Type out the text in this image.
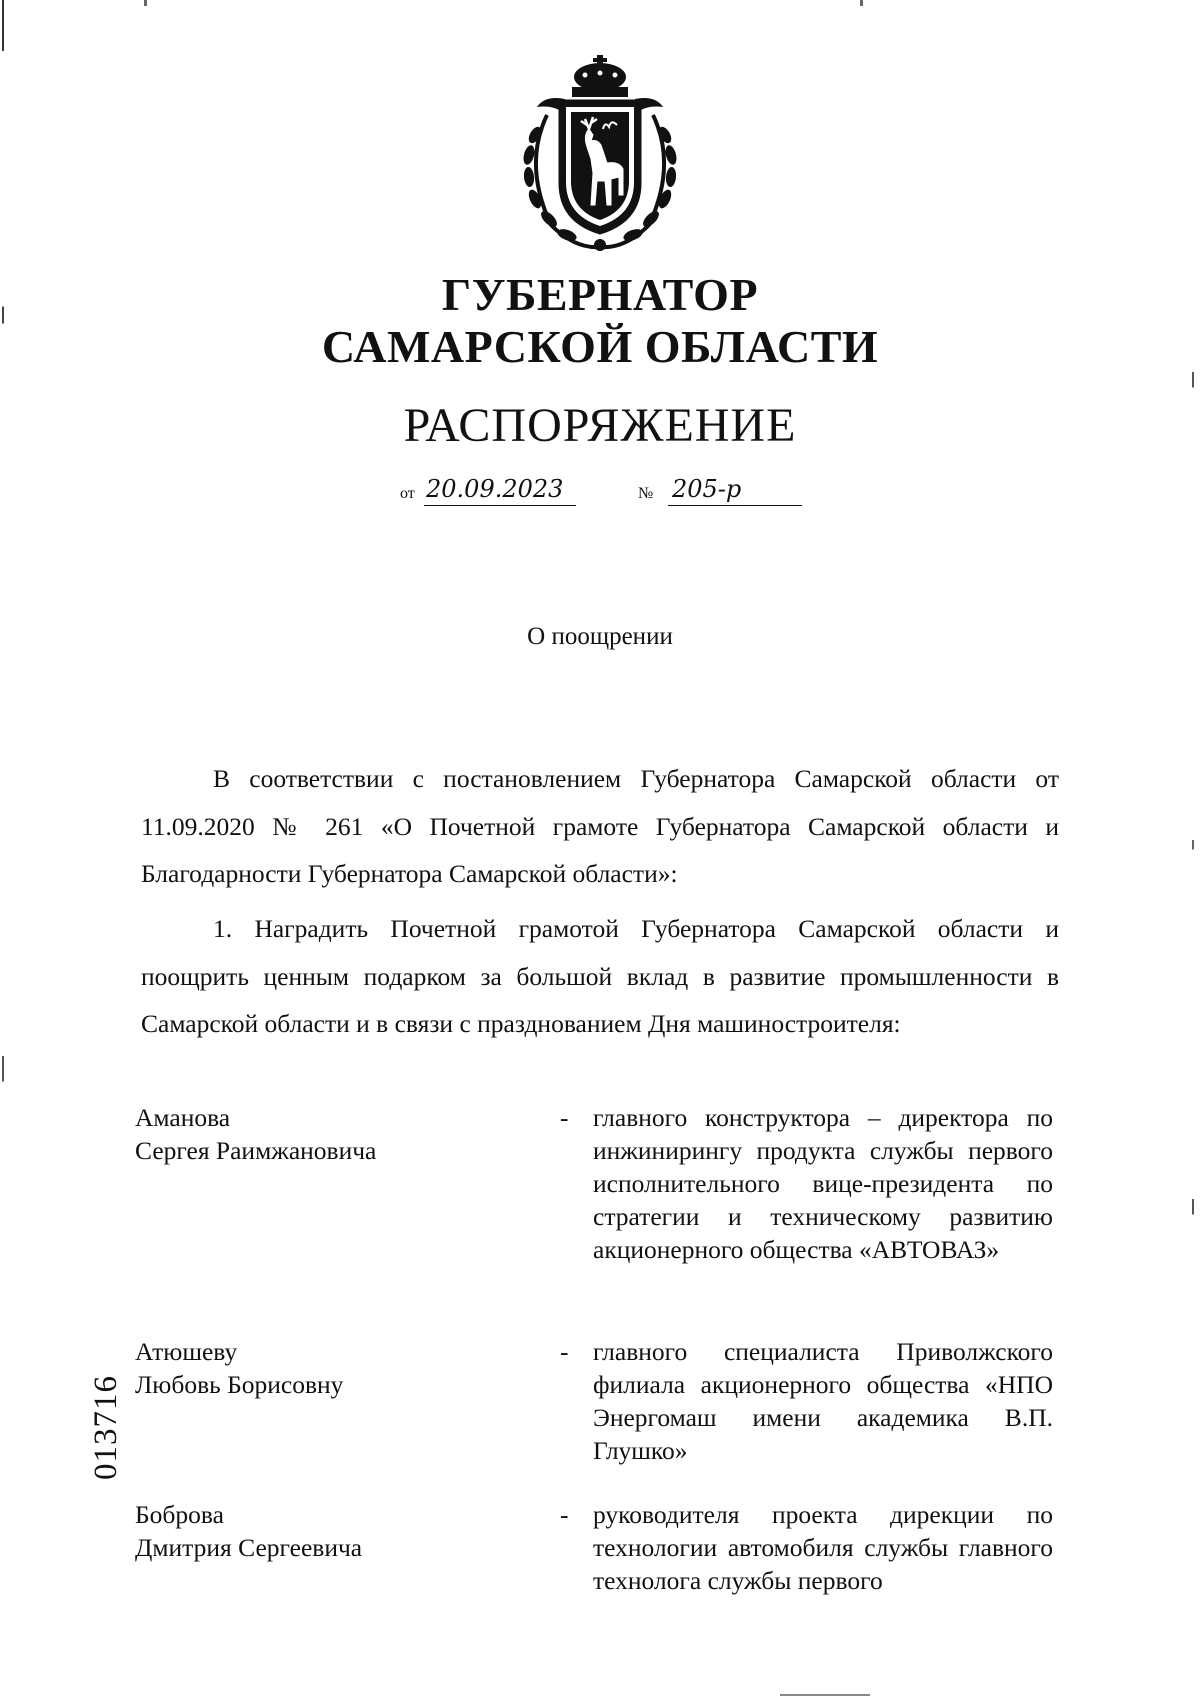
ГУБЕРНАТОР
САМАРСКОЙ ОБЛАСТИ
РАСПОРЯЖЕНИЕ
от 20.09.2023	№ 205-р
О поощрении
В соответствии с постановлением Губернатора Самарской области от 11.09.2020 № 261 «О Почетной грамоте Губернатора Самарской области и Благодарности Губернатора Самарской области»:
1. Наградить Почетной грамотой Губернатора Самарской области и поощрить ценным подарком за большой вклад в развитие промышленности в Самарской области и в связи с празднованием Дня машиностроителя:
Аманова
Сергея Раимжановича
- главного конструктора – директора по инжинирингу продукта службы первого исполнительного вице-президента по стратегии и техническому развитию акционерного общества «АВТОВАЗ»
Атюшеву
Любовь Борисовну
- главного специалиста Приволжского филиала акционерного общества «НПО Энергомаш имени академика В.П. Глушко»
Боброва
Дмитрия Сергеевича
- руководителя проекта дирекции по технологии автомобиля службы главного технолога службы первого
013716
